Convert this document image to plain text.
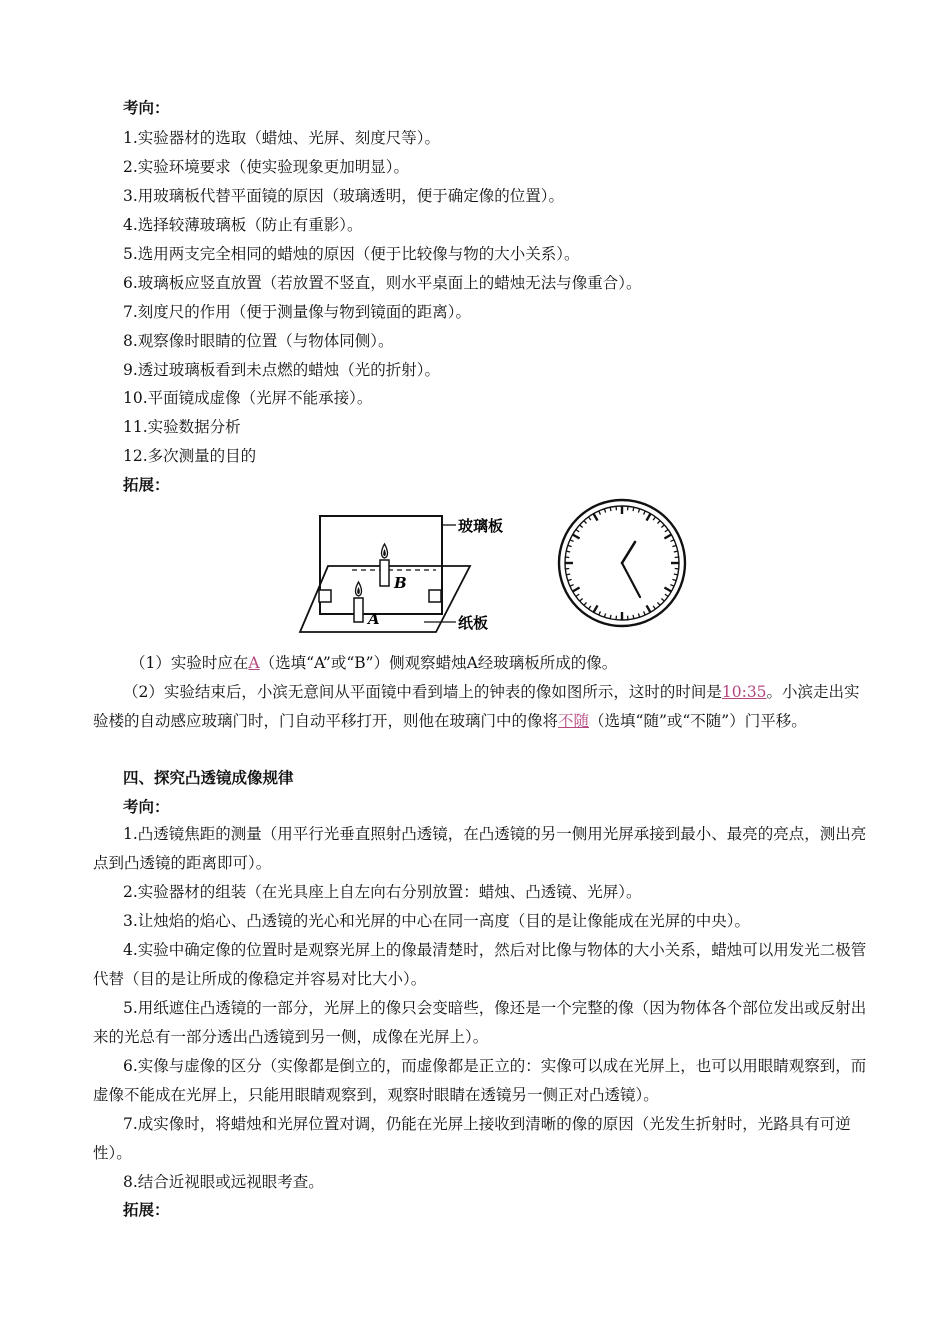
考向：
1.实验器材的选取（蜡烛、光屏、刻度尺等）。
2.实验环境要求（使实验现象更加明显）。
3.用玻璃板代替平面镜的原因（玻璃透明，便于确定像的位置）。
4.选择较薄玻璃板（防止有重影）。
5.选用两支完全相同的蜡烛的原因（便于比较像与物的大小关系）。
6.玻璃板应竖直放置（若放置不竖直，则水平桌面上的蜡烛无法与像重合）。
7.刻度尺的作用（便于测量像与物到镜面的距离）。
8.观察像时眼睛的位置（与物体同侧）。
9.透过玻璃板看到未点燃的蜡烛（光的折射）。
10.平面镜成虚像（光屏不能承接）。
11.实验数据分析
12.多次测量的目的
拓展：
B
A
玻璃板
纸板
（1）实验时应在A（选填“A”或“B”）侧观察蜡烛A经玻璃板所成的像。
（2）实验结束后，小滨无意间从平面镜中看到墙上的钟表的像如图所示，这时的时间是10:35。小滨走出实验楼的自动感应玻璃门时，门自动平移打开，则他在玻璃门中的像将不随（选填“随”或“不随”）门平移。
四、探究凸透镜成像规律
考向：
1.凸透镜焦距的测量（用平行光垂直照射凸透镜，在凸透镜的另一侧用光屏承接到最小、最亮的亮点，测出亮点到凸透镜的距离即可）。
2.实验器材的组装（在光具座上自左向右分别放置：蜡烛、凸透镜、光屏）。
3.让烛焰的焰心、凸透镜的光心和光屏的中心在同一高度（目的是让像能成在光屏的中央）。
4.实验中确定像的位置时是观察光屏上的像最清楚时，然后对比像与物体的大小关系，蜡烛可以用发光二极管代替（目的是让所成的像稳定并容易对比大小）。
5.用纸遮住凸透镜的一部分，光屏上的像只会变暗些，像还是一个完整的像（因为物体各个部位发出或反射出来的光总有一部分透出凸透镜到另一侧，成像在光屏上）。
6.实像与虚像的区分（实像都是倒立的，而虚像都是正立的：实像可以成在光屏上，也可以用眼睛观察到，而虚像不能成在光屏上，只能用眼睛观察到，观察时眼睛在透镜另一侧正对凸透镜）。
7.成实像时，将蜡烛和光屏位置对调，仍能在光屏上接收到清晰的像的原因（光发生折射时，光路具有可逆性）。
8.结合近视眼或远视眼考查。
拓展：
